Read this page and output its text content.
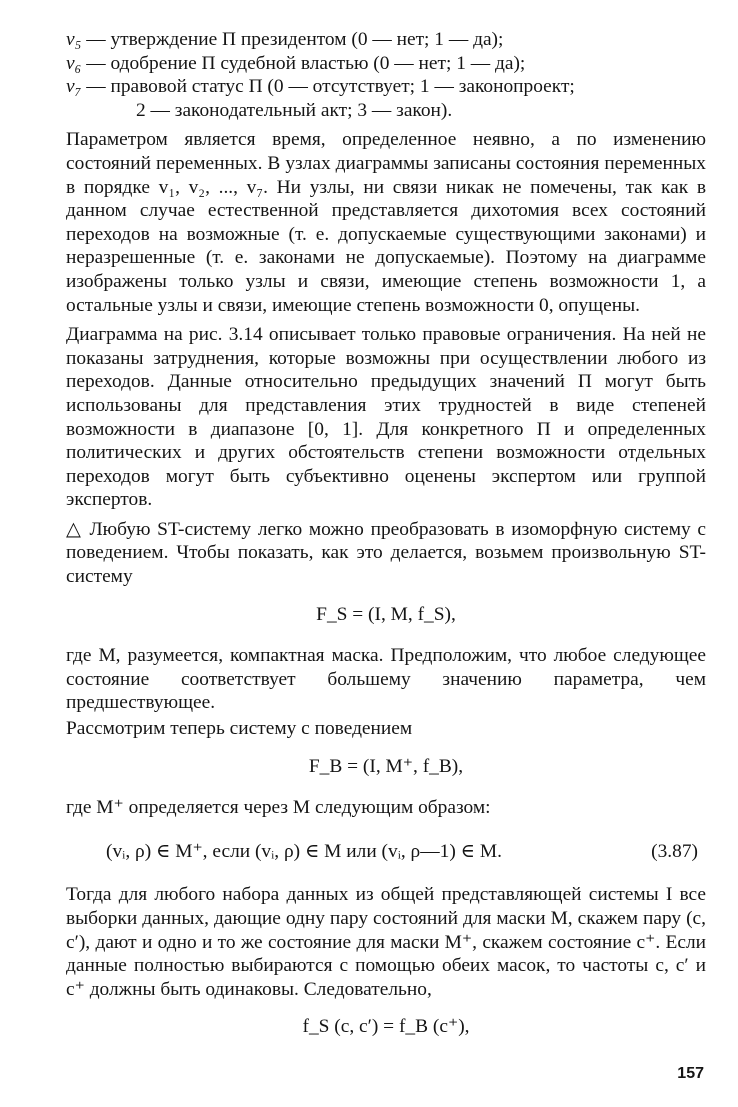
v₅ — утверждение П президентом (0 — нет; 1 — да);
v₆ — одобрение П судебной властью (0 — нет; 1 — да);
v₇ — правовой статус П (0 — отсутствует; 1 — законопроект;
2 — законодательный акт; 3 — закон).

Параметром является время, определенное неявно, а по изменению состояний переменных. В узлах диаграммы записаны состояния переменных в порядке v₁, v₂, ..., v₇. Ни узлы, ни связи никак не помечены, так как в данном случае естественной представляется дихотомия всех состояний переходов на возможные (т. е. допускаемые существующими законами) и неразрешенные (т. е. законами не допускаемые). Поэтому на диаграмме изображены только узлы и связи, имеющие степень возможности 1, а остальные узлы и связи, имеющие степень возможности 0, опущены.

Диаграмма на рис. 3.14 описывает только правовые ограничения. На ней не показаны затруднения, которые возможны при осуществлении любого из переходов. Данные относительно предыдущих значений П могут быть использованы для представления этих трудностей в виде степеней возможности в диапазоне [0, 1]. Для конкретного П и определенных политических и других обстоятельств степени возможности отдельных переходов могут быть субъективно оценены экспертом или группой экспертов.

△ Любую ST-систему легко можно преобразовать в изоморфную систему с поведением. Чтобы показать, как это делается, возьмем произвольную ST-систему

F_S = (I, M, f_S),

где M, разумеется, компактная маска. Предположим, что любое следующее состояние соответствует большему значению параметра, чем предшествующее.

Рассмотрим теперь систему с поведением

F_B = (I, M⁺, f_B),

где M⁺ определяется через M следующим образом:

(vᵢ, ρ) ∈ M⁺, если (vᵢ, ρ) ∈ M или (vᵢ, ρ—1) ∈ M.	(3.87)

Тогда для любого набора данных из общей представляющей системы I все выборки данных, дающие одну пару состояний для маски M, скажем пару (c, c′), дают и одно и то же состояние для маски M⁺, скажем состояние c⁺. Если данные полностью выбираются с помощью обеих масок, то частоты c, c′ и c⁺ должны быть одинаковы. Следовательно,

f_S (c, c′) = f_B (c⁺),
157
